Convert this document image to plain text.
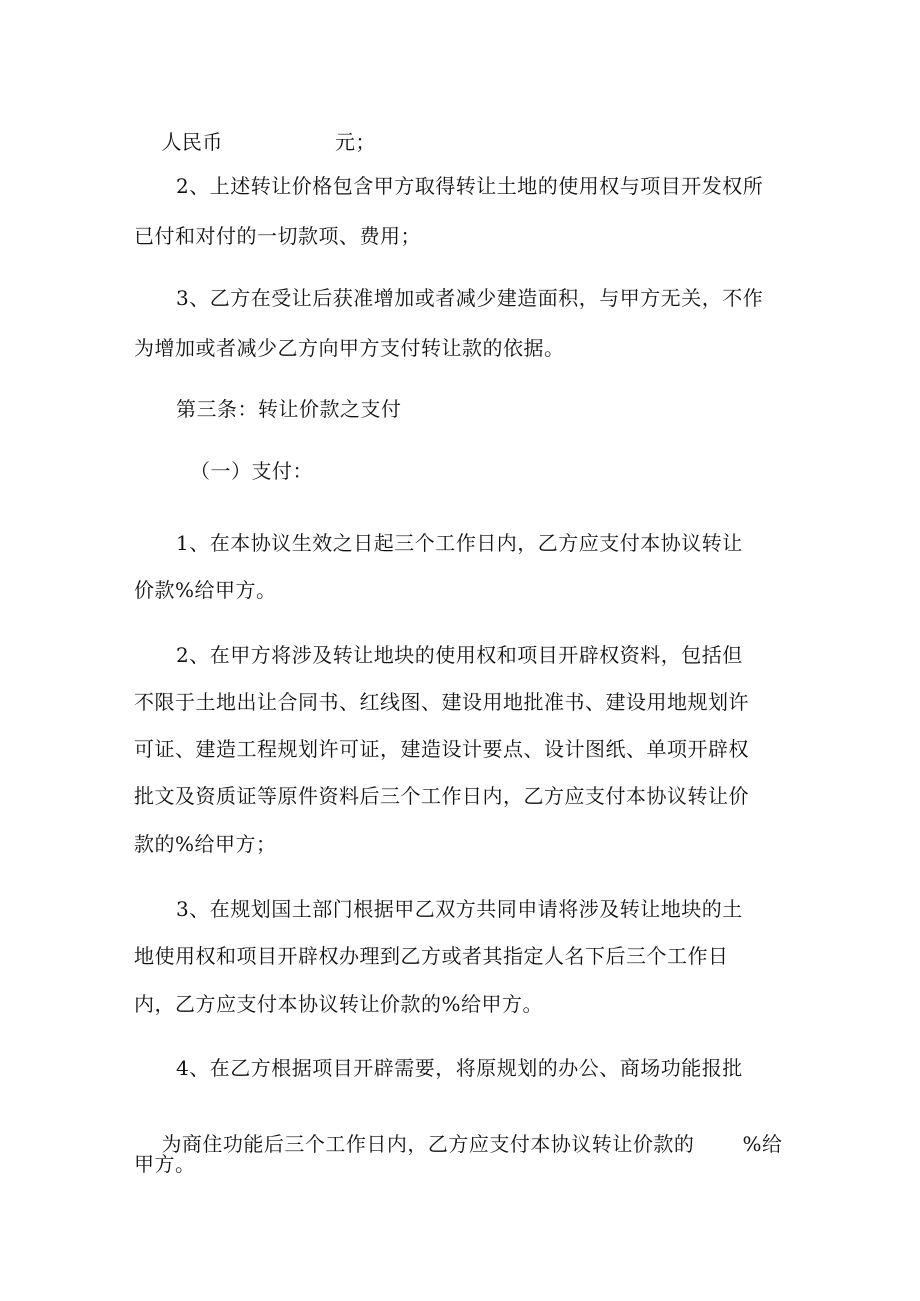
人民币	元；

2、上述转让价格包含甲方取得转让土地的使用权与项目开发权所
已付和对付的一切款项、费用；
3、乙方在受让后获准增加或者减少建造面积，与甲方无关，不作
为增加或者减少乙方向甲方支付转让款的依据。
第三条：转让价款之支付
（一）支付：
1、在本协议生效之日起三个工作日内，乙方应支付本协议转让
价款%给甲方。
2、在甲方将涉及转让地块的使用权和项目开辟权资料，包括但
不限于土地出让合同书、红线图、建设用地批准书、建设用地规划许
可证、建造工程规划许可证，建造设计要点、设计图纸、单项开辟权
批文及资质证等原件资料后三个工作日内，乙方应支付本协议转让价
款的%给甲方；
3、在规划国土部门根据甲乙双方共同申请将涉及转让地块的土
地使用权和项目开辟权办理到乙方或者其指定人名下后三个工作日
内，乙方应支付本协议转让价款的%给甲方。
4、在乙方根据项目开辟需要，将原规划的办公、商场功能报批

为商住功能后三个工作日内，乙方应支付本协议转让价款的 %给

甲方。
